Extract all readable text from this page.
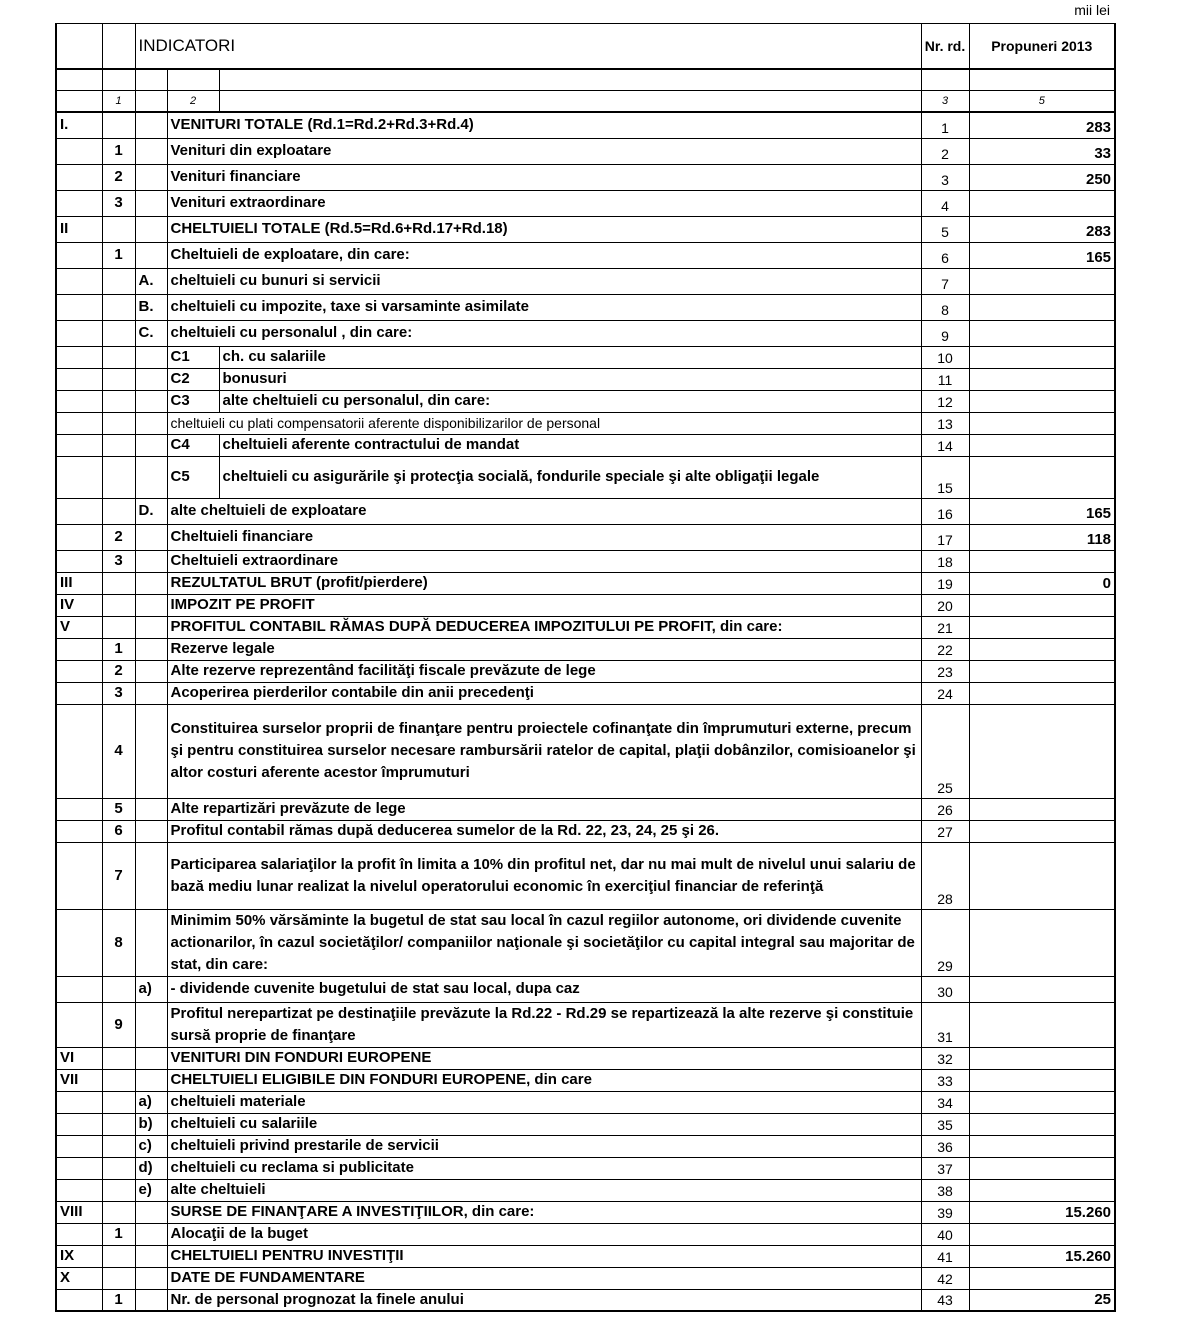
mii lei
		INDICATORI			Nr. rd.	Propuneri 2013

	1		2		3	5
I.			VENITURI TOTALE (Rd.1=Rd.2+Rd.3+Rd.4)		1	283
	1		Venituri din exploatare		2	33
	2		Venituri financiare		3	250
	3		Venituri extraordinare		4	
II			CHELTUIELI TOTALE (Rd.5=Rd.6+Rd.17+Rd.18)		5	283
	1		Cheltuieli de exploatare, din care:		6	165
		A.	cheltuieli cu bunuri si servicii		7	
		B.	cheltuieli cu impozite, taxe si varsaminte asimilate		8	
		C.	cheltuieli cu personalul , din care:		9	
			C1	ch. cu salariile	10	
			C2	bonusuri	11	
			C3	alte cheltuieli cu personalul, din care:	12	
			cheltuieli cu plati compensatorii aferente disponibilizarilor de personal		13	
			C4	cheltuieli aferente contractului de mandat	14	
			C5	cheltuieli cu asigurările şi protecţia socială, fondurile speciale şi alte obligaţii legale	15	
		D.	alte cheltuieli de exploatare		16	165
	2		Cheltuieli financiare		17	118
	3		Cheltuieli extraordinare		18	
III			REZULTATUL BRUT (profit/pierdere)		19	0
IV			IMPOZIT PE PROFIT		20	
V			PROFITUL CONTABIL RĂMAS DUPĂ DEDUCEREA IMPOZITULUI PE PROFIT, din care:		21	
	1		Rezerve legale		22	
	2		Alte rezerve reprezentând facilităţi fiscale prevăzute de lege		23	
	3		Acoperirea pierderilor contabile din anii precedenţi		24	
	4		Constituirea surselor proprii de finanţare pentru proiectele cofinanţate din împrumuturi externe, precum şi pentru constituirea surselor necesare rambursării ratelor de capital, plaţii dobânzilor, comisioanelor şi altor costuri aferente acestor împrumuturi		25	
	5		Alte repartizări prevăzute de lege		26	
	6		Profitul contabil rămas după deducerea sumelor de la Rd. 22, 23, 24, 25 şi 26.		27	
	7		Participarea salariaţilor la profit în limita a 10% din profitul net, dar nu mai mult de nivelul unui salariu de bază mediu lunar realizat la nivelul operatorului economic în exerciţiul financiar de referinţă		28	
	8		Minimim 50% vărsăminte la bugetul de stat sau local în cazul regiilor autonome, ori dividende cuvenite actionarilor, în cazul societăţilor/ companiilor naţionale şi societăţilor cu capital integral sau majoritar de stat, din care:		29	
		a)	- dividende cuvenite bugetului de stat sau local, dupa caz		30	
	9		Profitul nerepartizat pe destinaţiile prevăzute la Rd.22 - Rd.29 se repartizează la alte rezerve şi constituie sursă proprie de finanţare		31	
VI			VENITURI DIN FONDURI EUROPENE		32	
VII			CHELTUIELI ELIGIBILE DIN FONDURI EUROPENE, din care		33	
		a)	cheltuieli materiale		34	
		b)	cheltuieli cu salariile		35	
		c)	cheltuieli privind prestarile de servicii		36	
		d)	cheltuieli cu reclama si publicitate		37	
		e)	alte cheltuieli		38	
VIII			SURSE DE FINANŢARE A INVESTIŢIILOR, din care:		39	15.260
	1		Alocaţii de la buget		40	
IX			CHELTUIELI PENTRU INVESTIŢII		41	15.260
X			DATE DE FUNDAMENTARE		42	
	1		Nr. de personal prognozat la finele anului		43	25
